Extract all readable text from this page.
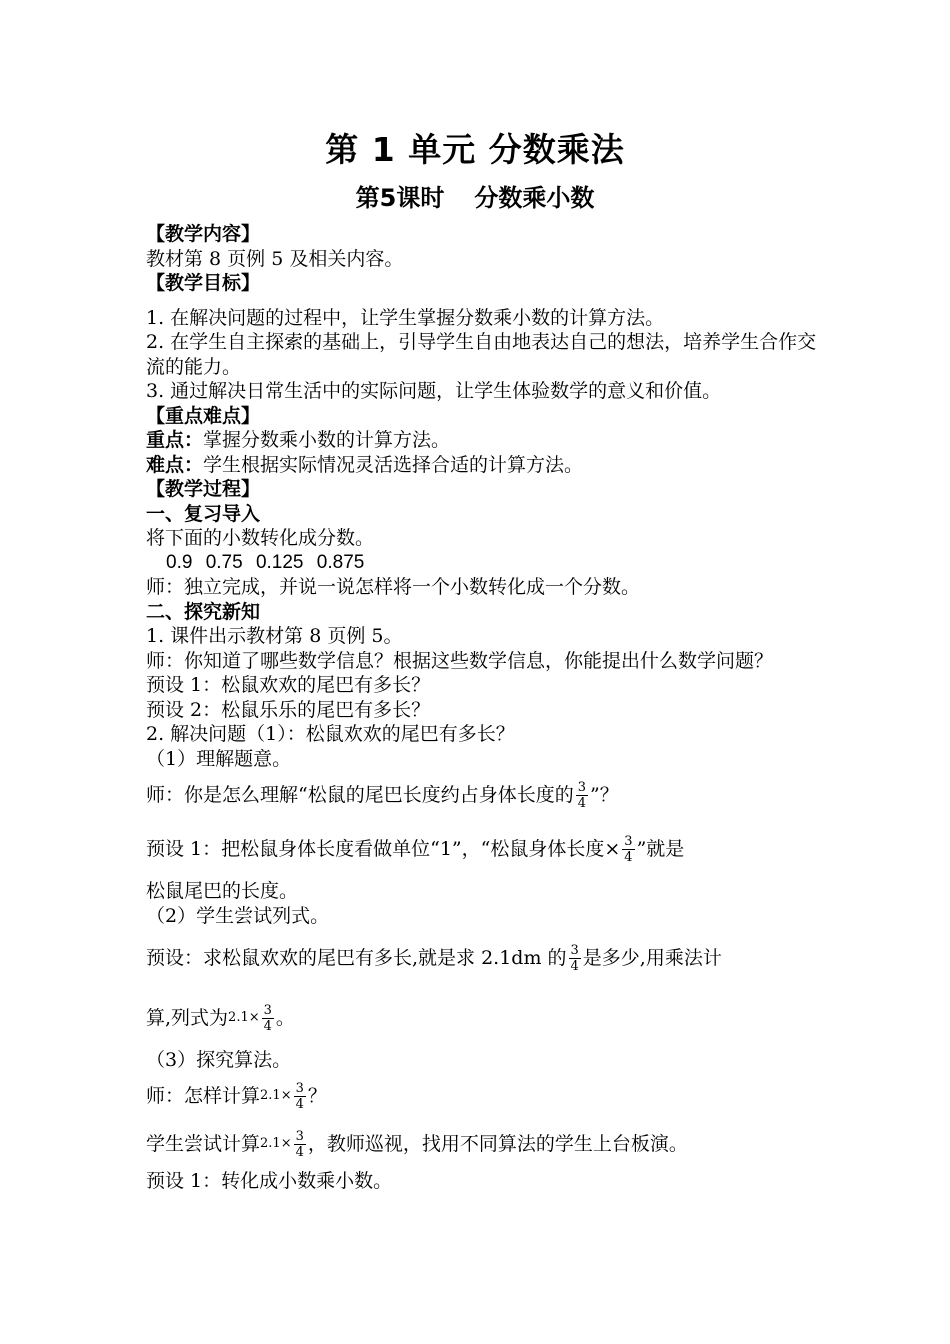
第 1 单元 分数乘法
第5课时 分数乘小数
【教学内容】
教材第 8 页例 5 及相关内容。
【教学目标】
1. 在解决问题的过程中，让学生掌握分数乘小数的计算方法。
2. 在学生自主探索的基础上，引导学生自由地表达自己的想法，培养学生合作交流的能力。
3. 通过解决日常生活中的实际问题，让学生体验数学的意义和价值。
【重点难点】
重点：掌握分数乘小数的计算方法。
难点：学生根据实际情况灵活选择合适的计算方法。
【教学过程】
一、复习导入
将下面的小数转化成分数。
0.9 0.75 0.125 0.875
师：独立完成，并说一说怎样将一个小数转化成一个分数。
二、探究新知
1. 课件出示教材第 8 页例 5。
师：你知道了哪些数学信息？根据这些数学信息，你能提出什么数学问题？
预设 1：松鼠欢欢的尾巴有多长？
预设 2：松鼠乐乐的尾巴有多长？
2. 解决问题（1）：松鼠欢欢的尾巴有多长？
（1）理解题意。
师：你是怎么理解“松鼠的尾巴长度约占身体长度的 $\frac{3}{4}$ ”？
预设 1：把松鼠身体长度看做单位“1”，“松鼠身体长度× $\frac{3}{4}$ ”就是
松鼠尾巴的长度。
（2）学生尝试列式。
预设：求松鼠欢欢的尾巴有多长,就是求 2.1dm 的 $\frac{3}{4}$ 是多少,用乘法计
算,列式为 $2.1\times \frac{3}{4}$ 。
（3）探究算法。
师：怎样计算 $2.1\times \frac{3}{4}$ ？
学生尝试计算 $2.1\times \frac{3}{4}$ ，教师巡视，找用不同算法的学生上台板演。
预设 1：转化成小数乘小数。
